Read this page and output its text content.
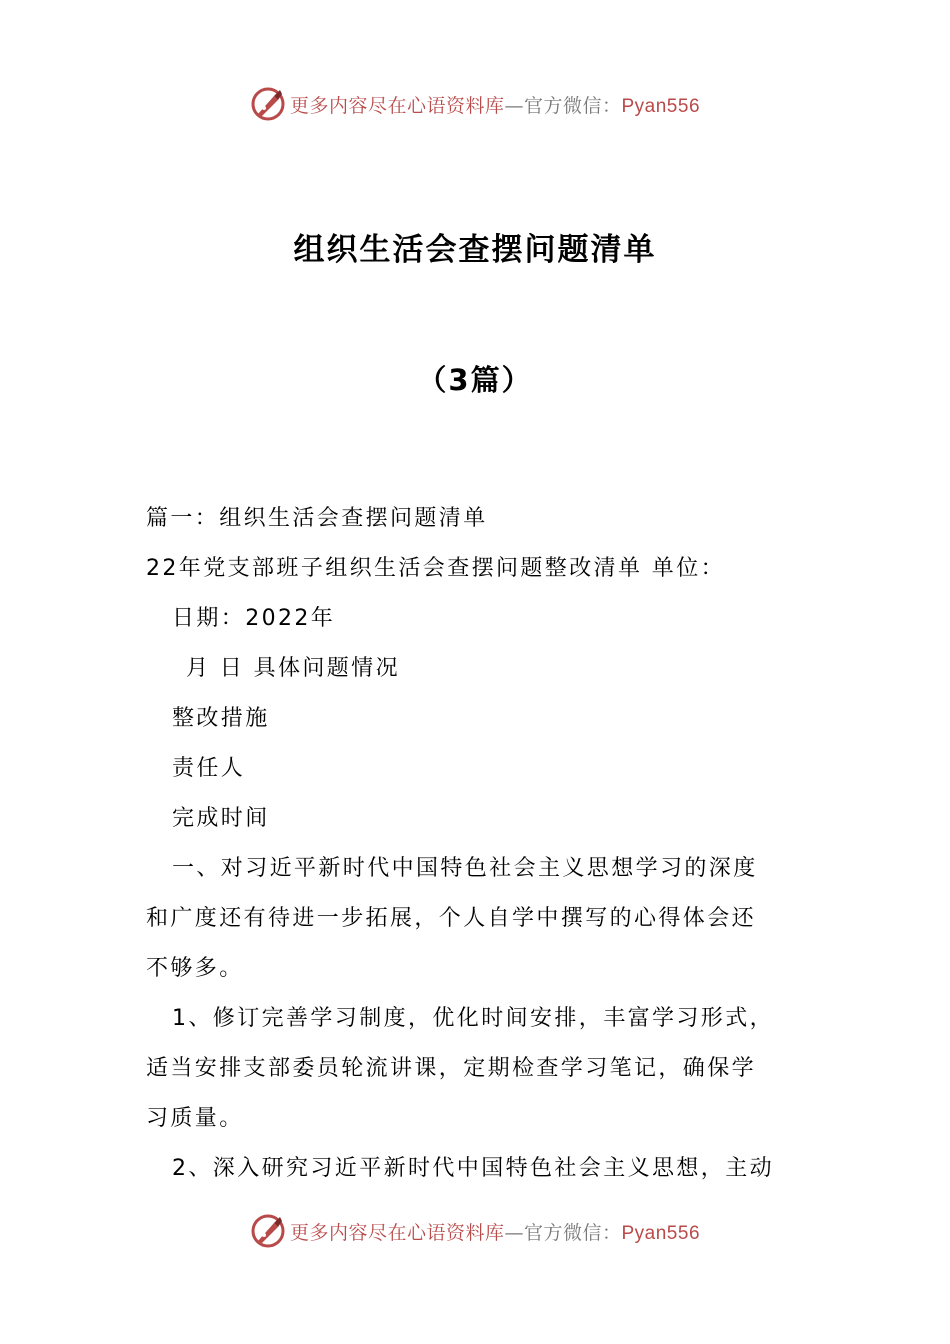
更多内容尽在心语资料库—官方微信：Pyan556
组织生活会查摆问题清单
（3篇）
篇一：组织生活会查摆问题清单
22年党支部班子组织生活会查摆问题整改清单 单位：
日期：2022年
月 日 具体问题情况
整改措施
责任人
完成时间
一、对习近平新时代中国特色社会主义思想学习的深度
和广度还有待进一步拓展，个人自学中撰写的心得体会还
不够多。
1、修订完善学习制度，优化时间安排，丰富学习形式，
适当安排支部委员轮流讲课，定期检查学习笔记，确保学
习质量。
2、深入研究习近平新时代中国特色社会主义思想，主动
更多内容尽在心语资料库—官方微信：Pyan556
